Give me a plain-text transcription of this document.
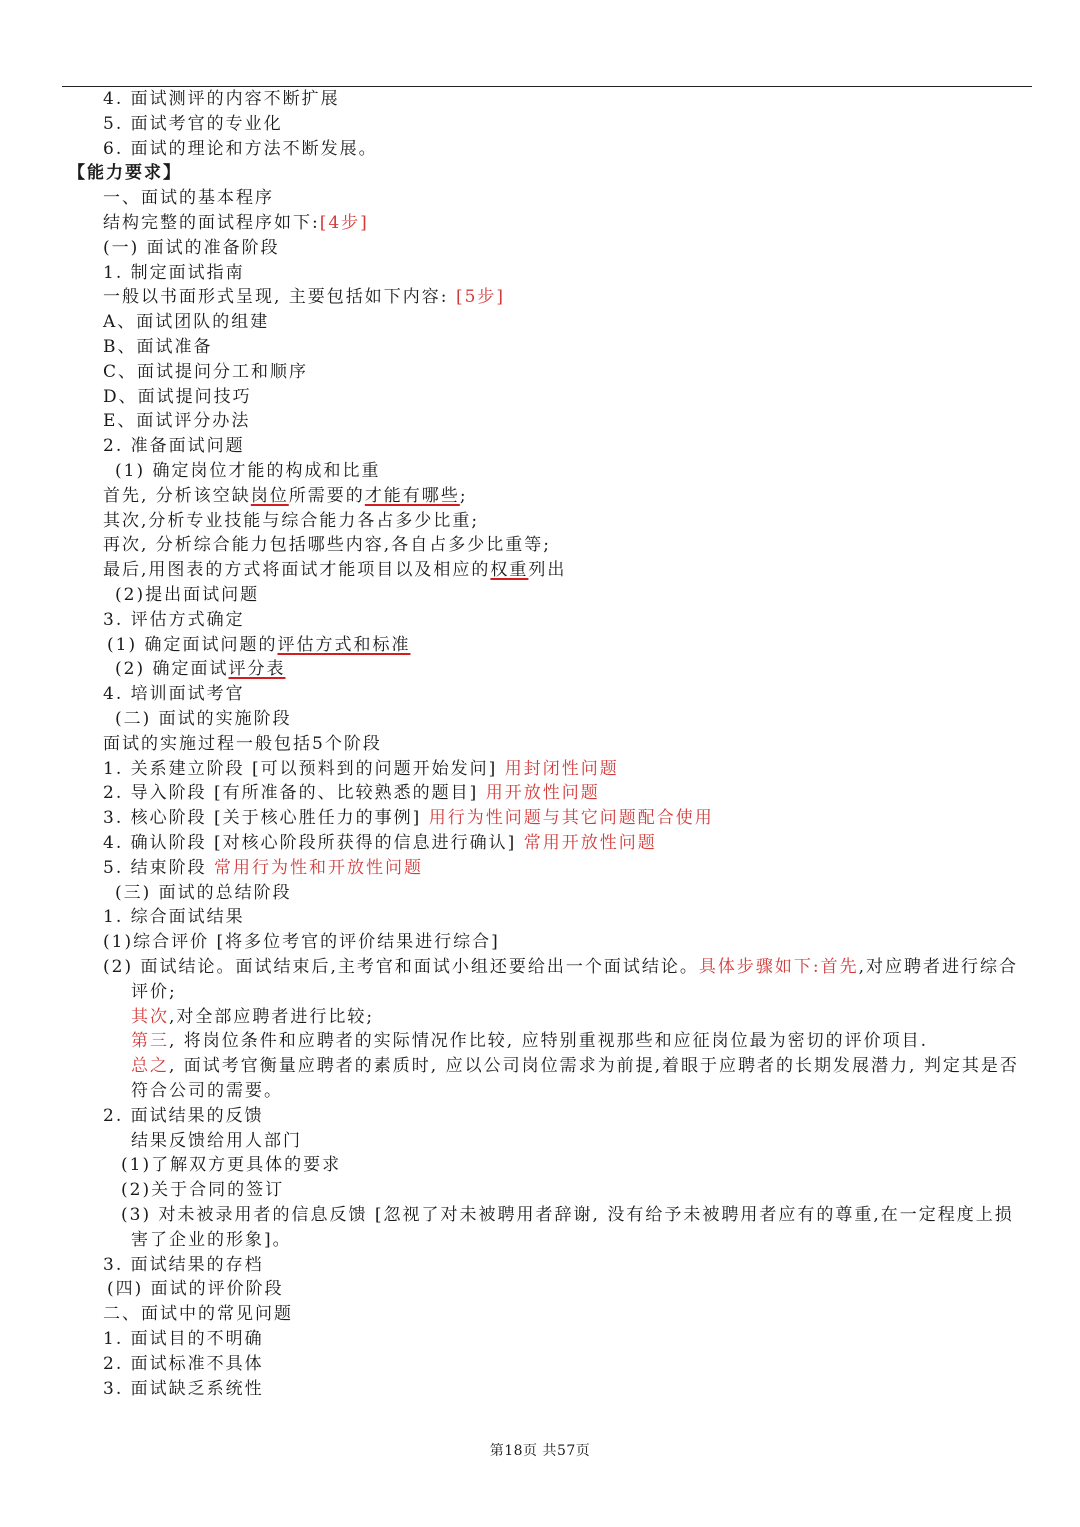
4. 面试测评的内容不断扩展
5. 面试考官的专业化
6. 面试的理论和方法不断发展。
【能力要求】
一、面试的基本程序
结构完整的面试程序如下:[4步]
(一) 面试的准备阶段
1. 制定面试指南
一般以书面形式呈现, 主要包括如下内容: [5步]
A、面试团队的组建
B、面试准备
C、面试提问分工和顺序
D、面试提问技巧
E、面试评分办法
2. 准备面试问题
(1) 确定岗位才能的构成和比重
首先, 分析该空缺岗位所需要的才能有哪些;
其次,分析专业技能与综合能力各占多少比重;
再次, 分析综合能力包括哪些内容,各自占多少比重等;
最后,用图表的方式将面试才能项目以及相应的权重列出
(2)提出面试问题
3. 评估方式确定
(1) 确定面试问题的评估方式和标准
(2) 确定面试评分表
4. 培训面试考官
(二) 面试的实施阶段
面试的实施过程一般包括5个阶段
1. 关系建立阶段 [可以预料到的问题开始发问] 用封闭性问题
2. 导入阶段 [有所准备的、比较熟悉的题目] 用开放性问题
3. 核心阶段 [关于核心胜任力的事例] 用行为性问题与其它问题配合使用
4. 确认阶段 [对核心阶段所获得的信息进行确认] 常用开放性问题
5. 结束阶段 常用行为性和开放性问题
(三) 面试的总结阶段
1. 综合面试结果
(1)综合评价 [将多位考官的评价结果进行综合]
(2) 面试结论。面试结束后,主考官和面试小组还要给出一个面试结论。具体步骤如下:首先,对应聘者进行综合
评价;
其次,对全部应聘者进行比较;
第三, 将岗位条件和应聘者的实际情况作比较, 应特别重视那些和应征岗位最为密切的评价项目.
总之, 面试考官衡量应聘者的素质时, 应以公司岗位需求为前提,着眼于应聘者的长期发展潜力, 判定其是否
符合公司的需要。
2. 面试结果的反馈
结果反馈给用人部门
(1)了解双方更具体的要求
(2)关于合同的签订
(3) 对未被录用者的信息反馈 [忽视了对未被聘用者辞谢, 没有给予未被聘用者应有的尊重,在一定程度上损
害了企业的形象]。
3. 面试结果的存档
(四) 面试的评价阶段
二、面试中的常见问题
1. 面试目的不明确
2. 面试标准不具体
3. 面试缺乏系统性
第18页 共57页
